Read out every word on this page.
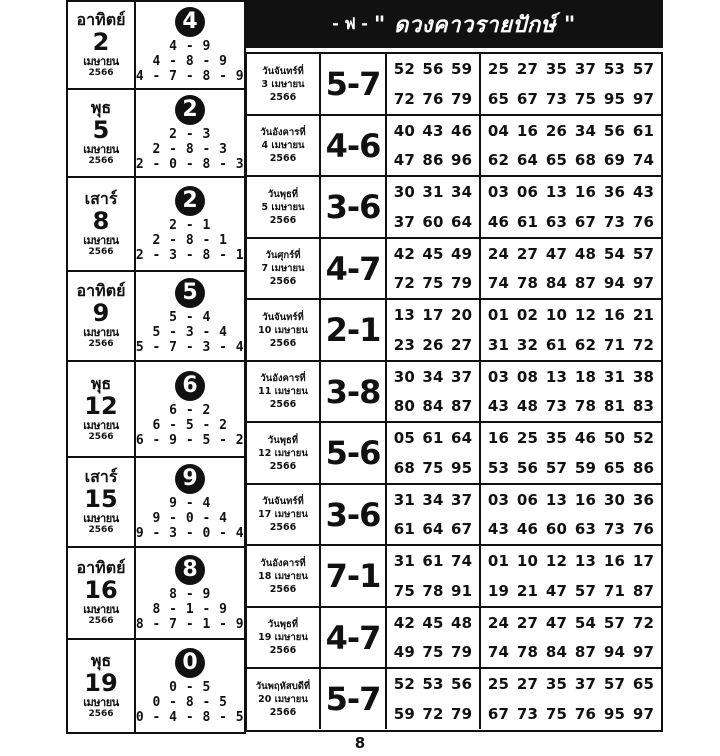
อาทิตย์
2
เมษายน
2566
4
4 - 9
4 - 8 - 9
4 - 7 - 8 - 9
พุธ
5
เมษายน
2566
2
2 - 3
2 - 8 - 3
2 - 0 - 8 - 3
เสาร์
8
เมษายน
2566
2
2 - 1
2 - 8 - 1
2 - 3 - 8 - 1
อาทิตย์
9
เมษายน
2566
5
5 - 4
5 - 3 - 4
5 - 7 - 3 - 4
พุธ
12
เมษายน
2566
6
6 - 2
6 - 5 - 2
6 - 9 - 5 - 2
เสาร์
15
เมษายน
2566
9
9 - 4
9 - 0 - 4
9 - 3 - 0 - 4
อาทิตย์
16
เมษายน
2566
8
8 - 9
8 - 1 - 9
8 - 7 - 1 - 9
พุธ
19
เมษายน
2566
0
0 - 5
0 - 8 - 5
0 - 4 - 8 - 5
- ฟ - " ดวงคาวรายปักษ์ "
วันจันทร์ที่
3 เมษายน
2566 5-7 52 56 59
72 76 79
25 27 35 37 53 57
65 67 73 75 95 97
วันอังคารที่
4 เมษายน
2566 4-6 40 43 46
47 86 96
04 16 26 34 56 61
62 64 65 68 69 74
วันพุธที่
5 เมษายน
2566 3-6 30 31 34
37 60 64
03 06 13 16 36 43
46 61 63 67 73 76
วันศุกร์ที่
7 เมษายน
2566 4-7 42 45 49
72 75 79
24 27 47 48 54 57
74 78 84 87 94 97
วันจันทร์ที่
10 เมษายน
2566 2-1 13 17 20
23 26 27
01 02 10 12 16 21
31 32 61 62 71 72
วันอังคารที่
11 เมษายน
2566 3-8 30 34 37
80 84 87
03 08 13 18 31 38
43 48 73 78 81 83
วันพุธที่
12 เมษายน
2566 5-6 05 61 64
68 75 95
16 25 35 46 50 52
53 56 57 59 65 86
วันจันทร์ที่
17 เมษายน
2566 3-6 31 34 37
61 64 67
03 06 13 16 30 36
43 46 60 63 73 76
วันอังคารที่
18 เมษายน
2566 7-1 31 61 74
75 78 91
01 10 12 13 16 17
19 21 47 57 71 87
วันพุธที่
19 เมษายน
2566 4-7 42 45 48
49 75 79
24 27 47 54 57 72
74 78 84 87 94 97
วันพฤหัสบดีที่
20 เมษายน
2566 5-7 52 53 56
59 72 79
25 27 35 37 57 65
67 73 75 76 95 97
8
